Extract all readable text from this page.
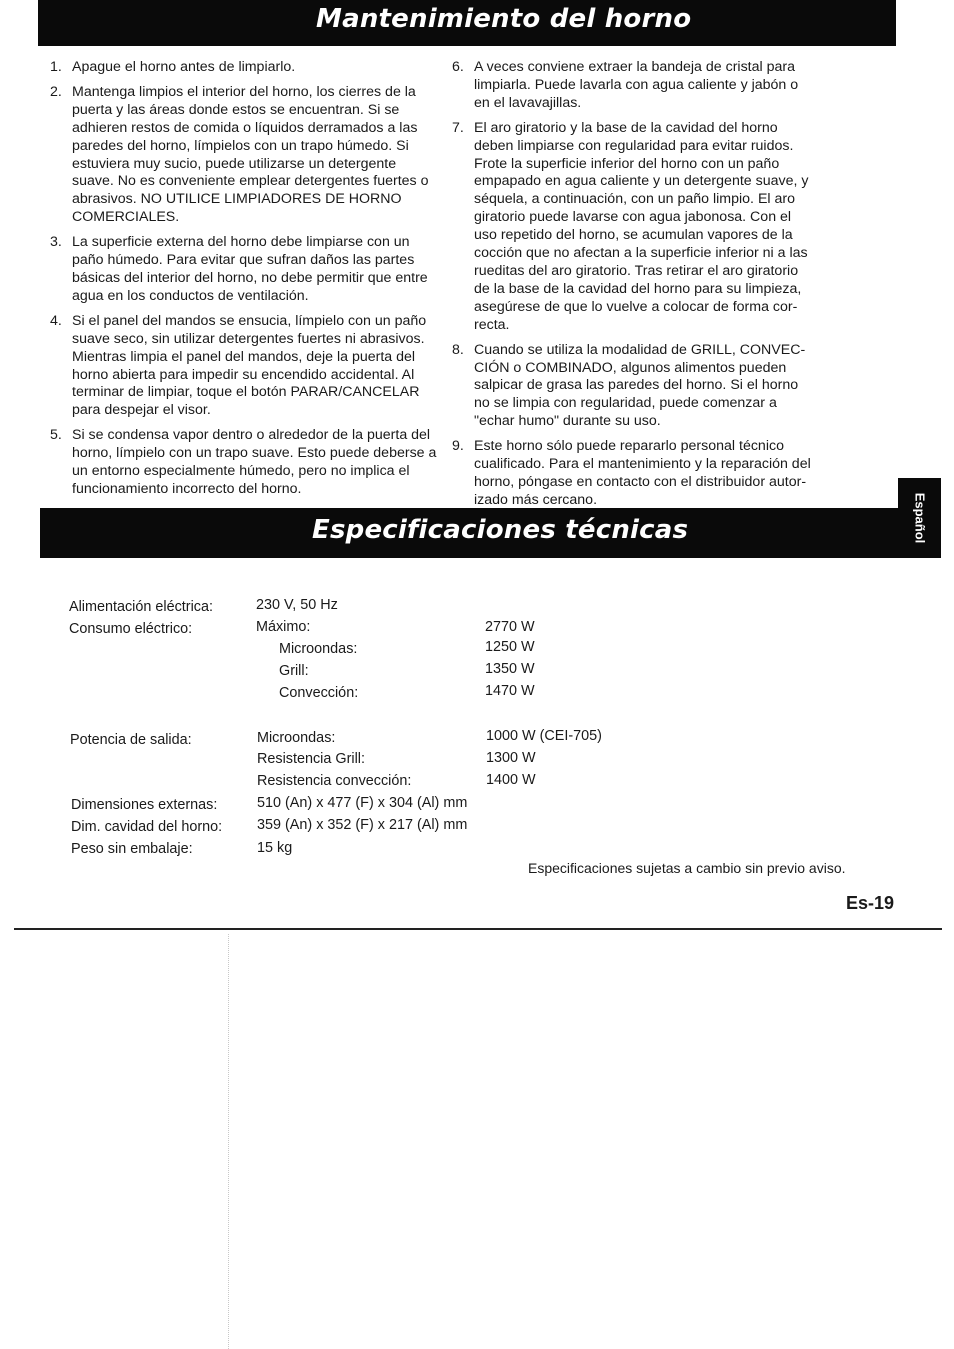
Mantenimiento del horno
1. Apague el horno antes de limpiarlo.
2. Mantenga limpios el interior del horno, los cierres de la
puerta y las áreas donde estos se encuentran. Si se
adhieren restos de comida o líquidos derramados a las
paredes del horno, límpielos con un trapo húmedo. Si
estuviera muy sucio, puede utilizarse un detergente
suave. No es conveniente emplear detergentes fuertes o
abrasivos. NO UTILICE LIMPIADORES DE HORNO
COMERCIALES.
3. La superficie externa del horno debe limpiarse con un
paño húmedo. Para evitar que sufran daños las partes
básicas del interior del horno, no debe permitir que entre
agua en los conductos de ventilación.
4. Si el panel del mandos se ensucia, límpielo con un paño
suave seco, sin utilizar detergentes fuertes ni abrasivos.
Mientras limpia el panel del mandos, deje la puerta del
horno abierta para impedir su encendido accidental. Al
terminar de limpiar, toque el botón PARAR/CANCELAR
para despejar el visor.
5. Si se condensa vapor dentro o alrededor de la puerta del
horno, límpielo con un trapo suave. Esto puede deberse a
un entorno especialmente húmedo, pero no implica el
funcionamiento incorrecto del horno.
6. A veces conviene extraer la bandeja de cristal para
limpiarla. Puede lavarla con agua caliente y jabón o
en el lavavajillas.
7. El aro giratorio y la base de la cavidad del horno
deben limpiarse con regularidad para evitar ruidos.
Frote la superficie inferior del horno con un paño
empapado en agua caliente y un detergente suave, y
séquela, a continuación, con un paño limpio. El aro
giratorio puede lavarse con agua jabonosa. Con el
uso repetido del horno, se acumulan vapores de la
cocción que no afectan a la superficie inferior ni a las
rueditas del aro giratorio. Tras retirar el aro giratorio
de la base de la cavidad del horno para su limpieza,
asegúrese de que lo vuelve a colocar de forma cor-
recta.
8. Cuando se utiliza la modalidad de GRILL, CONVEC-
CIÓN o COMBINADO, algunos alimentos pueden
salpicar de grasa las paredes del horno. Si el horno
no se limpia con regularidad, puede comenzar a
"echar humo" durante su uso.
9. Este horno sólo puede repararlo personal técnico
cualificado. Para el mantenimiento y la reparación del
horno, póngase en contacto con el distribuidor autor-
izado más cercano.	Español
Especificaciones técnicas
Alimentación eléctrica:	230 V, 50 Hz
Consumo eléctrico:	Máximo:	2770 W
Microondas:	1250 W
Grill:	1350 W
Convección:	1470 W
Potencia de salida:	Microondas:	1000 W (CEI-705)
Resistencia Grill:	1300 W
Resistencia convección:	1400 W
Dimensiones externas:	510 (An) x 477 (F) x 304 (Al) mm
Dim. cavidad del horno: 359 (An) x 352 (F) x 217 (Al) mm
Peso sin embalaje:	15 kg
Especificaciones sujetas a cambio sin previo aviso.
Es-19
